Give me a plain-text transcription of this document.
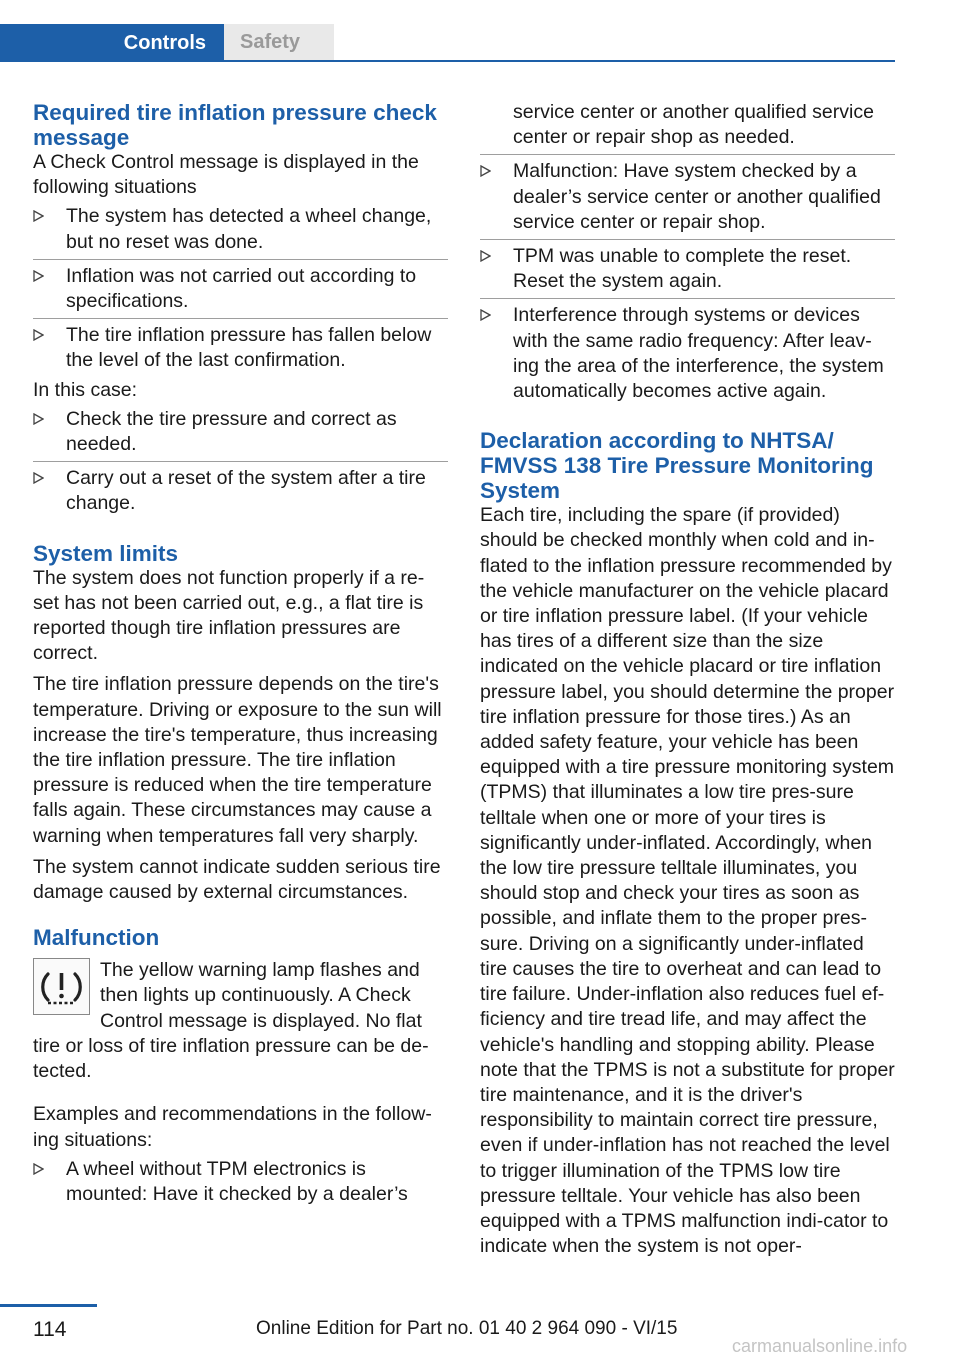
Controls	Safety
Required tire inflation pressure check message

A Check Control message is displayed in the following situations

The system has detected a wheel change, but no reset was done.
Inflation was not carried out according to specifications.
The tire inflation pressure has fallen below the level of the last confirmation.

In this case:

Check the tire pressure and correct as needed.
Carry out a reset of the system after a tire change.
System limits

The system does not function properly if a re‐set has not been carried out, e.g., a flat tire is reported though tire inflation pressures are correct.

The tire inflation pressure depends on the tire's temperature. Driving or exposure to the sun will increase the tire's temperature, thus increasing the tire inflation pressure. The tire inflation pressure is reduced when the tire temperature falls again. These circumstances may cause a warning when temperatures fall very sharply.

The system cannot indicate sudden serious tire damage caused by external circumstances.

Malfunction

The yellow warning lamp flashes and then lights up continuously. A Check Control message is displayed. No flat tire or loss of tire inflation pressure can be de‐tected.

Examples and recommendations in the follow‐ing situations:

A wheel without TPM electronics is mounted: Have it checked by a dealer’s
service center or another qualified service center or repair shop as needed.
Malfunction: Have system checked by a dealer’s service center or another qualified service center or repair shop.
TPM was unable to complete the reset. Reset the system again.
Interference through systems or devices with the same radio frequency: After leav‐ing the area of the interference, the system automatically becomes active again.
Declaration according to NHTSA/ FMVSS 138 Tire Pressure Monitoring System

Each tire, including the spare (if provided) should be checked monthly when cold and in‐flated to the inflation pressure recommended by the vehicle manufacturer on the vehicle placard or tire inflation pressure label. (If your vehicle has tires of a different size than the size indicated on the vehicle placard or tire inflation pressure label, you should determine the proper tire inflation pressure for those tires.) As an added safety feature, your vehicle has been equipped with a tire pressure monitoring system (TPMS) that illuminates a low tire pres‐sure telltale when one or more of your tires is significantly under-inflated. Accordingly, when the low tire pressure telltale illuminates, you should stop and check your tires as soon as possible, and inflate them to the proper pres‐sure. Driving on a significantly under-inflated tire causes the tire to overheat and can lead to tire failure. Under-inflation also reduces fuel ef‐ficiency and tire tread life, and may affect the vehicle's handling and stopping ability. Please note that the TPMS is not a substitute for proper tire maintenance, and it is the driver's responsibility to maintain correct tire pressure, even if under-inflation has not reached the level to trigger illumination of the TPMS low tire pressure telltale. Your vehicle has also been equipped with a TPMS malfunction indi‐cator to indicate when the system is not oper‐

114	Online Edition for Part no. 01 40 2 964 090 - VI/15
carmanualsonline.info
